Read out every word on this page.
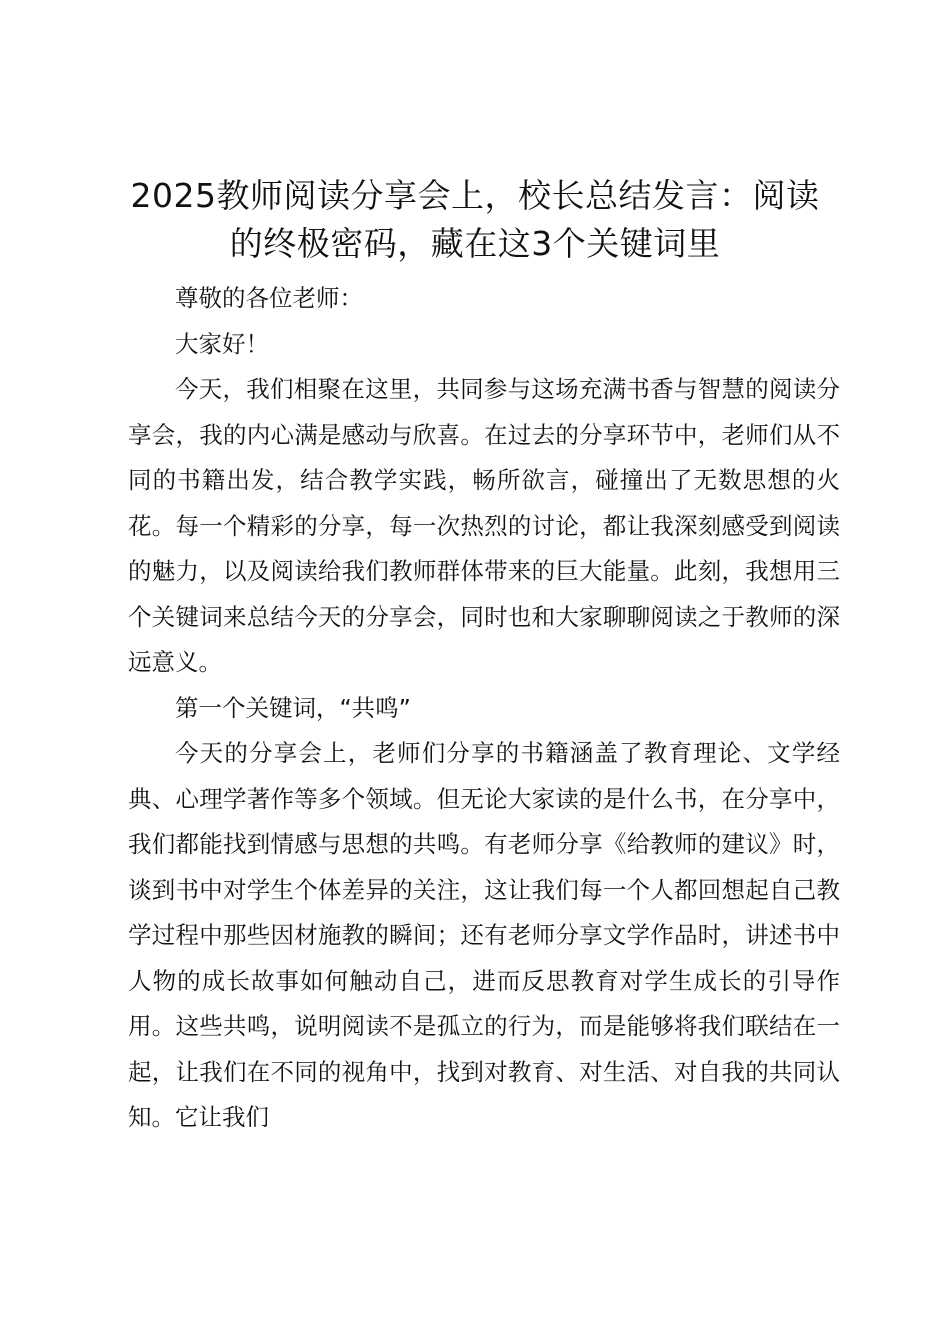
2025教师阅读分享会上，校长总结发言：阅读的终极密码，藏在这3个关键词里

尊敬的各位老师：

大家好！

今天，我们相聚在这里，共同参与这场充满书香与智慧的阅读分享会，我的内心满是感动与欣喜。在过去的分享环节中，老师们从不同的书籍出发，结合教学实践，畅所欲言，碰撞出了无数思想的火花。每一个精彩的分享，每一次热烈的讨论，都让我深刻感受到阅读的魅力，以及阅读给我们教师群体带来的巨大能量。此刻，我想用三个关键词来总结今天的分享会，同时也和大家聊聊阅读之于教师的深远意义。

第一个关键词，“共鸣”

今天的分享会上，老师们分享的书籍涵盖了教育理论、文学经典、心理学著作等多个领域。但无论大家读的是什么书，在分享中，我们都能找到情感与思想的共鸣。有老师分享《给教师的建议》时，谈到书中对学生个体差异的关注，这让我们每一个人都回想起自己教学过程中那些因材施教的瞬间；还有老师分享文学作品时，讲述书中人物的成长故事如何触动自己，进而反思教育对学生成长的引导作用。这些共鸣，说明阅读不是孤立的行为，而是能够将我们联结在一起，让我们在不同的视角中，找到对教育、对生活、对自我的共同认知。它让我们
